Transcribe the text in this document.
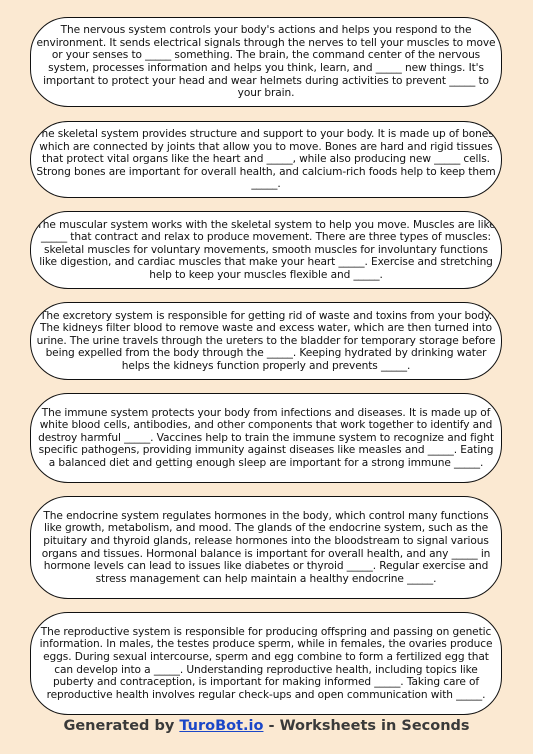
The nervous system controls your body's actions and helps you respond to the environment. It sends electrical signals through the nerves to tell your muscles to move or your senses to _____ something. The brain, the command center of the nervous system, processes information and helps you think, learn, and _____ new things. It's important to protect your head and wear helmets during activities to prevent _____ to your brain.

The skeletal system provides structure and support to your body. It is made up of bones, which are connected by joints that allow you to move. Bones are hard and rigid tissues that protect vital organs like the heart and _____, while also producing new _____ cells. Strong bones are important for overall health, and calcium-rich foods help to keep them _____.

The muscular system works with the skeletal system to help you move. Muscles are like _____ that contract and relax to produce movement. There are three types of muscles: skeletal muscles for voluntary movements, smooth muscles for involuntary functions like digestion, and cardiac muscles that make your heart _____. Exercise and stretching help to keep your muscles flexible and _____.

The excretory system is responsible for getting rid of waste and toxins from your body. The kidneys filter blood to remove waste and excess water, which are then turned into urine. The urine travels through the ureters to the bladder for temporary storage before being expelled from the body through the _____. Keeping hydrated by drinking water helps the kidneys function properly and prevents _____.

The immune system protects your body from infections and diseases. It is made up of white blood cells, antibodies, and other components that work together to identify and destroy harmful _____. Vaccines help to train the immune system to recognize and fight specific pathogens, providing immunity against diseases like measles and _____. Eating a balanced diet and getting enough sleep are important for a strong immune _____.

The endocrine system regulates hormones in the body, which control many functions like growth, metabolism, and mood. The glands of the endocrine system, such as the pituitary and thyroid glands, release hormones into the bloodstream to signal various organs and tissues. Hormonal balance is important for overall health, and any _____ in hormone levels can lead to issues like diabetes or thyroid _____. Regular exercise and stress management can help maintain a healthy endocrine _____.

The reproductive system is responsible for producing offspring and passing on genetic information. In males, the testes produce sperm, while in females, the ovaries produce eggs. During sexual intercourse, sperm and egg combine to form a fertilized egg that can develop into a _____. Understanding reproductive health, including topics like puberty and contraception, is important for making informed _____. Taking care of reproductive health involves regular check-ups and open communication with _____.

Generated by TuroBot.io - Worksheets in Seconds
